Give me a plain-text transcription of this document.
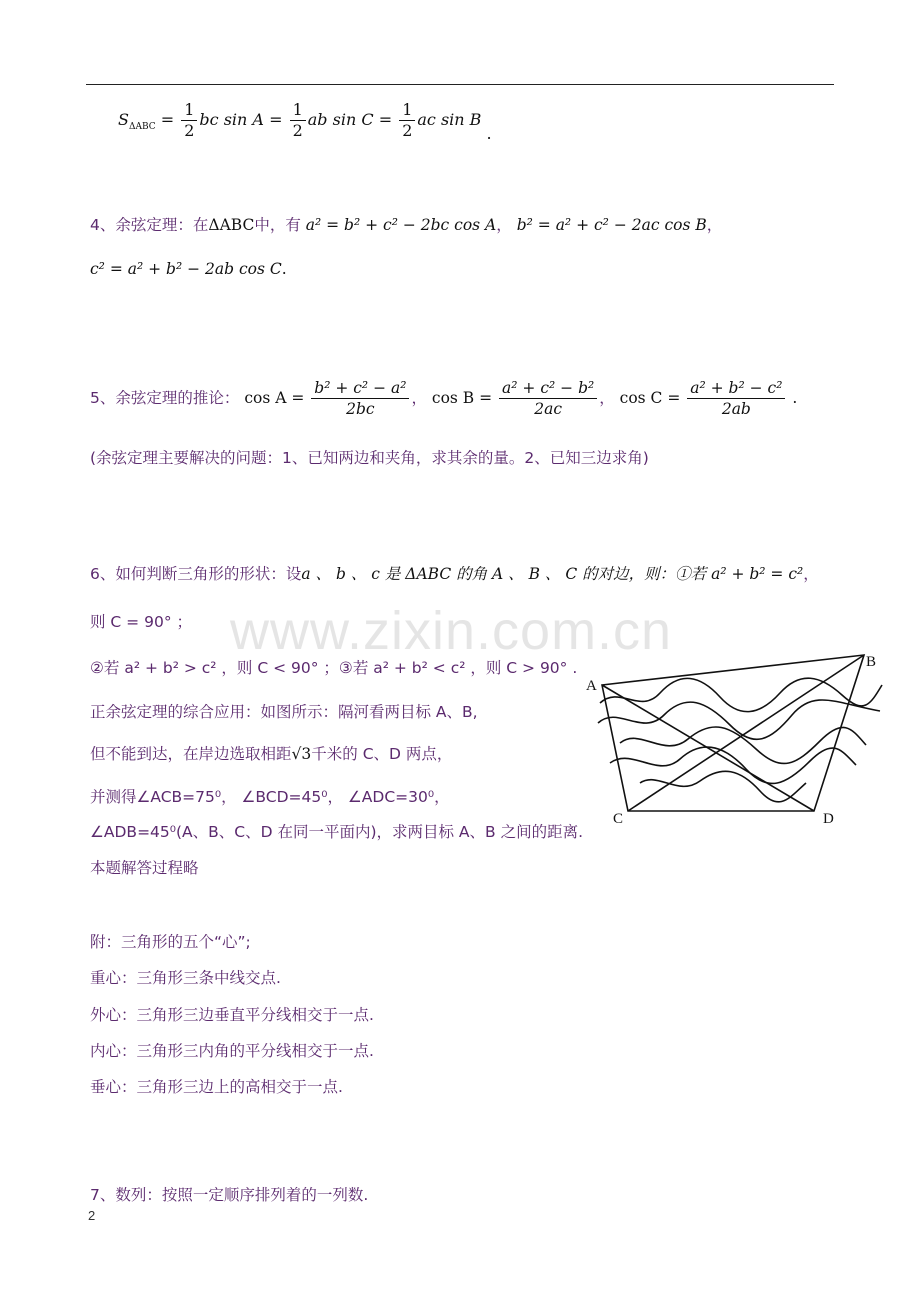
$S_{\Delta ABC} = \frac{1}{2}$ bc $\sin A = \frac{1}{2}$ ab $\sin C = \frac{1}{2}$ ac sin B .
4、余弦定理：在ΔABC中，有 a² = b² + c² − 2bc cos A， b² = a² + c² − 2ac cos B，
c² = a² + b² − 2ab cos C.
5、余弦定理的推论： $\cos A = \frac{\text{b² + c² − a²}}{2bc}$ ， $\cos B = \frac{\text{a² + c² − b²}}{2ac}$ ， $\cos C = \frac{\text{a² + b² − c²}}{2ab}$ .
(余弦定理主要解决的问题：1、已知两边和夹角，求其余的量。2、已知三边求角)
6、如何判断三角形的形状：设a 、 b 、 c 是 ΔABC 的角 A 、 B 、 C 的对边，则：①若 a² + b² = c²，
则 C = 90° ；
②若 a² + b² > c² ，则 C < 90° ；③若 a² + b² < c² ，则 C > 90° .
正余弦定理的综合应用：如图所示：隔河看两目标 A、B,
但不能到达，在岸边选取相距√3千米的 C、D 两点，
并测得∠ACB=75⁰， ∠BCD=45⁰， ∠ADC=30⁰，
∠ADB=45⁰(A、B、C、D 在同一平面内)，求两目标 A、B 之间的距离.
本题解答过程略
A
B
C	D
附：三角形的五个“心”;
重心：三角形三条中线交点.
外心：三角形三边垂直平分线相交于一点.
内心：三角形三内角的平分线相交于一点.
垂心：三角形三边上的高相交于一点.
7、数列：按照一定顺序排列着的一列数.
www.zixin.com.cn
2
